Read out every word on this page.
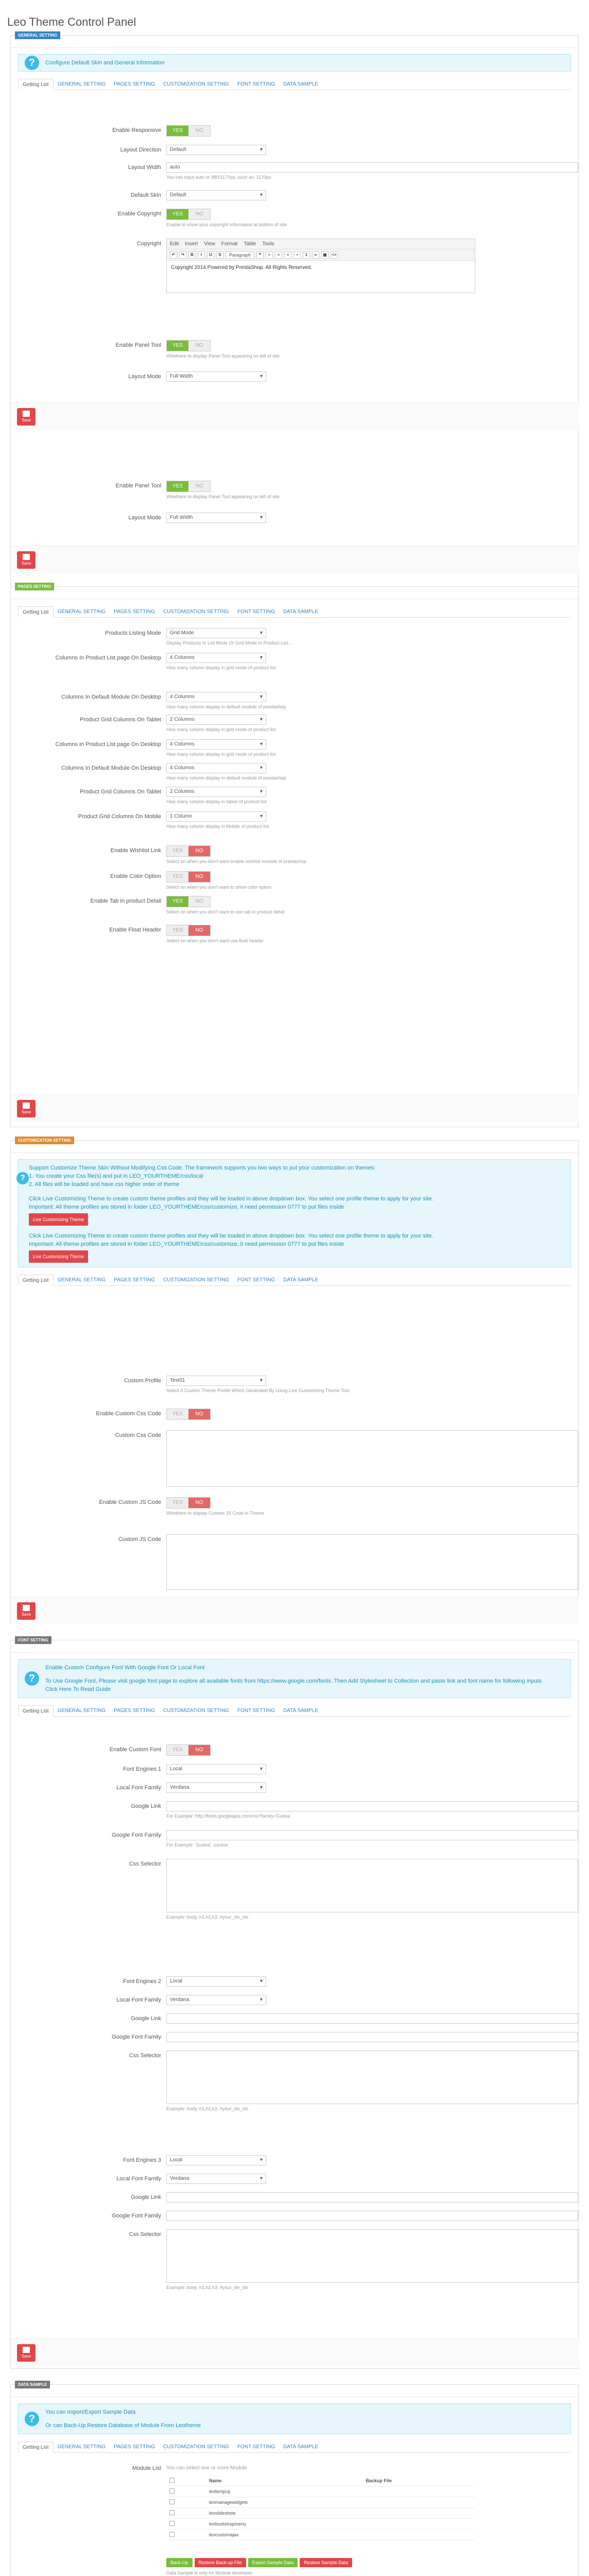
Leo Theme Control Panel
GENERAL SETTING
?	Configure Default Skin and General Information
Getting List	GENERAL SETTING	PAGES SETTING	CUSTOMIZATION SETTING	FONT SETTING	DATA SAMPLE
Enable Responsive	YES	NO
Layout Direction	Default ▾
Layout Width	auto
You can input auto or 980/1170px, such as: 1170px
Default Skin	Default ▾
Enable Copyright	YES	NO
Enable to show your copyright information at bottom of site
Copyright Edit Insert View Format Table Tools
↶	↷	B	I	U	S	Paragraph	❝	≡	≡	≡	•	1	∞	▣	<>
Copyright 2014 Powered by PrestaShop. All Rights Reserved.
Enable Panel Tool	YES	NO
Whethere to display Panel Tool appearing on left of site
Layout Mode	Full Width ▾
Save
Enable Panel Tool	YES	NO
Whethere to display Panel Tool appearing on left of site
Layout Mode	Full Width ▾
Save
PAGES SETTING
Getting List	GENERAL SETTING	PAGES SETTING	CUSTOMIZATION SETTING	FONT SETTING	DATA SAMPLE
Products Listing Mode	Grid Mode ▾
Display Products In List Mode Or Grid Mode In Product List...
Columns In Product List page On Desktop	4 Columns ▾
How many column display in grid mode of product list
Columns In Default Module On Desktop	4 Columns ▾
How many column display in default module of prestashop
Product Grid Columns On Tablet	2 Columns ▾
How many column display in grid mode of product list
Columns In Product List page On Desktop	4 Columns ▾
How many column display in grid mode of product list
Columns In Default Module On Desktop	4 Columns ▾
How many column display in default module of prestashop
Product Grid Columns On Tablet	2 Columns ▾
How many column display in tablet of product list
Product Grid Columns On Mobile	1 Column ▾
How many column display in Mobile of product list
Enable Wishlist Link	YES	NO
Select on when you don't want enable wishlist module of prestashop
Enable Color Option	YES	NO
Select on when you don't want to show color option
Enable Tab in product Detail	YES	NO
Select on when you don't want to use tab in product detail
Enable Float Header	YES	NO
Select on when you don't want use float header
Save
CUSTOMIZATION SETTING
?
Support Customize Theme Skin Without Modifying Css Code. The framework supports you two ways to put your customization on themes:
1. You create your Css file(s) and put in LEO_YOURTHEME/css/local
2. All files will be loaded and have css higher order of theme
Click Live Customizing Theme to create custom theme profiles and they will be loaded in above dropdown box. You select one profile theme to apply for your site.
Important: All theme profiles are stored in folder LEO_YOURTHEME/css/customize, it need permission 0777 to put files inside
Live Customizing Theme
Click Live Customizing Theme to create custom theme profiles and they will be loaded in above dropdown box. You select one profile theme to apply for your site.
Important: All theme profiles are stored in folder LEO_YOURTHEME/css/customize, it need permission 0777 to put files inside
Live Customizing Theme
Getting List	GENERAL SETTING	PAGES SETTING	CUSTOMIZATION SETTING	FONT SETTING	DATA SAMPLE
Custom Profile	Test01 ▾
Select A Custom Theme Profile Which Generated By Using Live Customizing Theme Tool
Enable Custom Css Code	YES	NO
Custom Css Code
Enable Custom JS Code	YES	NO
Whethere to display Custom JS Code in Theme
Custom JS Code
Save
FONT SETTING
?
Enable Custom Configure Font With Google Font Or Local Font
To Use Google Font, Please visit google font page to explore all available fonts from https://www.google.com/fonts. Then Add Stylesheet to Collection and paste link and font name for following inputs
Click Here To Read Guide
Getting List	GENERAL SETTING	PAGES SETTING	CUSTOMIZATION SETTING	FONT SETTING	DATA SAMPLE
Enable Custom Font	YES	NO
Font Engines 1	Local ▾
Local Font Family	Verdana ▾
Google Link
For Example: http://fonts.googleapis.com/css?family=Gudea
Google Font Family
For Example: 'Gudea', cursive
Css Selector
Example: body, h1,h2,h3, #your_div_ids
Font Engines 2	Local ▾
Local Font Family	Verdana ▾
Google Link
Google Font Family
Css Selector
Example: body, h1,h2,h3, #your_div_ids
Font Engines 3	Local ▾
Local Font Family	Verdana ▾
Google Link
Google Font Family
Css Selector
Example: body, h1,h2,h3, #your_div_ids
Save
DATA SAMPLE
?
You can Import/Export Sample Data
Or can Back-Up Restore Database of Module From Leotheme
Getting List	GENERAL SETTING	PAGES SETTING	CUSTOMIZATION SETTING	FONT SETTING	DATA SAMPLE
Module List You can select one or more Module
	Name	Backup File
	leotempcp	
	leomanagewidgets	
	leoslideshow	
	leobootstrapmenu	
	leocustomajax	
Back-Up	Restore Back-up File	Export Sample Data	Restore Sample Data
Data Sample is only for Module developer
